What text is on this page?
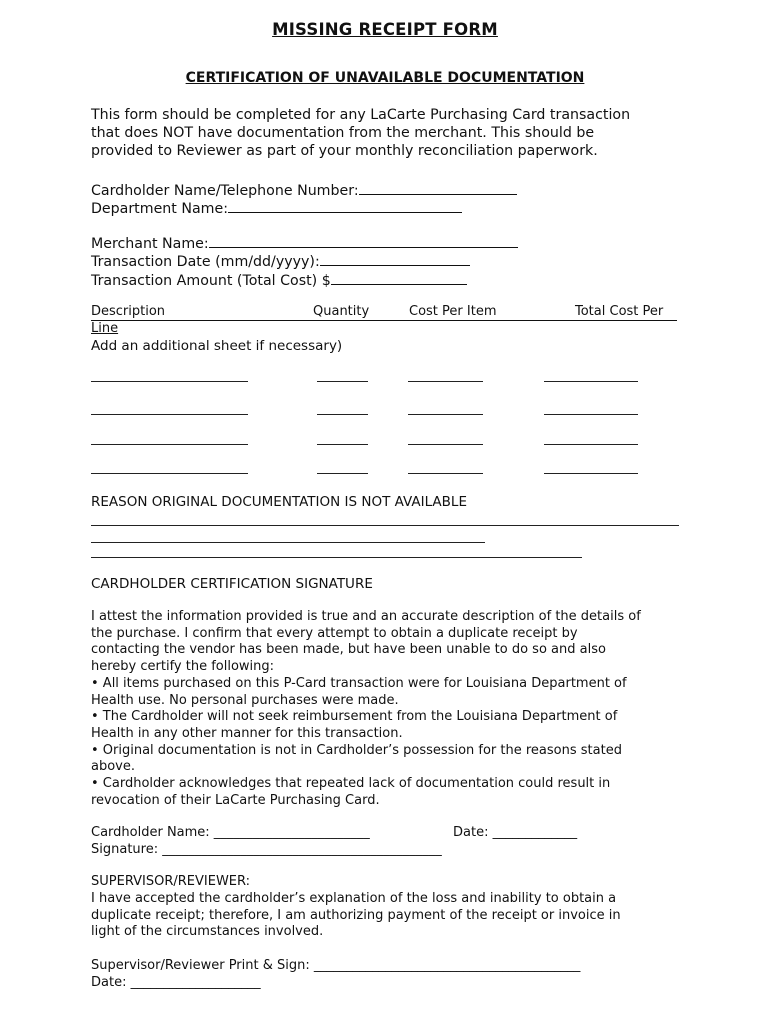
MISSING RECEIPT FORM
CERTIFICATION OF UNAVAILABLE DOCUMENTATION
This form should be completed for any LaCarte Purchasing Card transaction
that does NOT have documentation from the merchant. This should be
provided to Reviewer as part of your monthly reconciliation paperwork.
Cardholder Name/Telephone Number:
Department Name:
Merchant Name:
Transaction Date (mm/dd/yyyy):
Transaction Amount (Total Cost) $
Description	Quantity	Cost Per Item	Total Cost Per
Line
Add an additional sheet if necessary)
REASON ORIGINAL DOCUMENTATION IS NOT AVAILABLE
CARDHOLDER CERTIFICATION SIGNATURE
I attest the information provided is true and an accurate description of the details of
the purchase. I confirm that every attempt to obtain a duplicate receipt by
contacting the vendor has been made, but have been unable to do so and also
hereby certify the following:
• All items purchased on this P-Card transaction were for Louisiana Department of
Health use. No personal purchases were made.
• The Cardholder will not seek reimbursement from the Louisiana Department of
Health in any other manner for this transaction.
• Original documentation is not in Cardholder’s possession for the reasons stated
above.
• Cardholder acknowledges that repeated lack of documentation could result in
revocation of their LaCarte Purchasing Card.
Cardholder Name: ________________________	Date: _____________
Signature: ___________________________________________
SUPERVISOR/REVIEWER:
I have accepted the cardholder’s explanation of the loss and inability to obtain a
duplicate receipt; therefore, I am authorizing payment of the receipt or invoice in
light of the circumstances involved.
Supervisor/Reviewer Print & Sign: _________________________________________
Date: ____________________
